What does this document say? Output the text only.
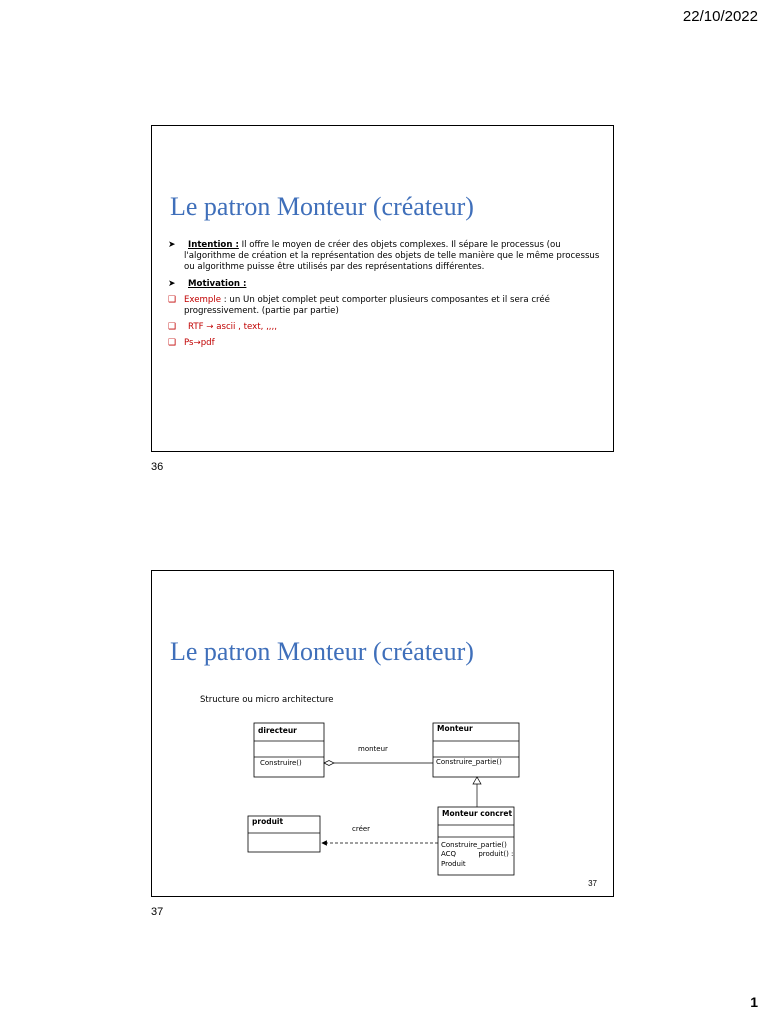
22/10/2022
Le patron Monteur (créateur)
➤ Intention : Il offre le moyen de créer des objets complexes. Il sépare le processus (ou l'algorithme de création et la représentation des objets de telle manière que le même processus ou algorithme puisse être utilisés par des représentations différentes.
➤ Motivation :
❑ Exemple : un Un objet complet peut comporter plusieurs composantes et il sera créé progressivement. (partie par partie)
❑ RTF → ascii , text, ,,,,
❑ Ps→pdf
36
Le patron Monteur (créateur)
Structure ou micro architecture
directeur
Construire()
Monteur
Construire_partie()
monteur
Monteur concret
Construire_partie()
ACQ          produit() :
Produit
produit
créer
37
37
1
